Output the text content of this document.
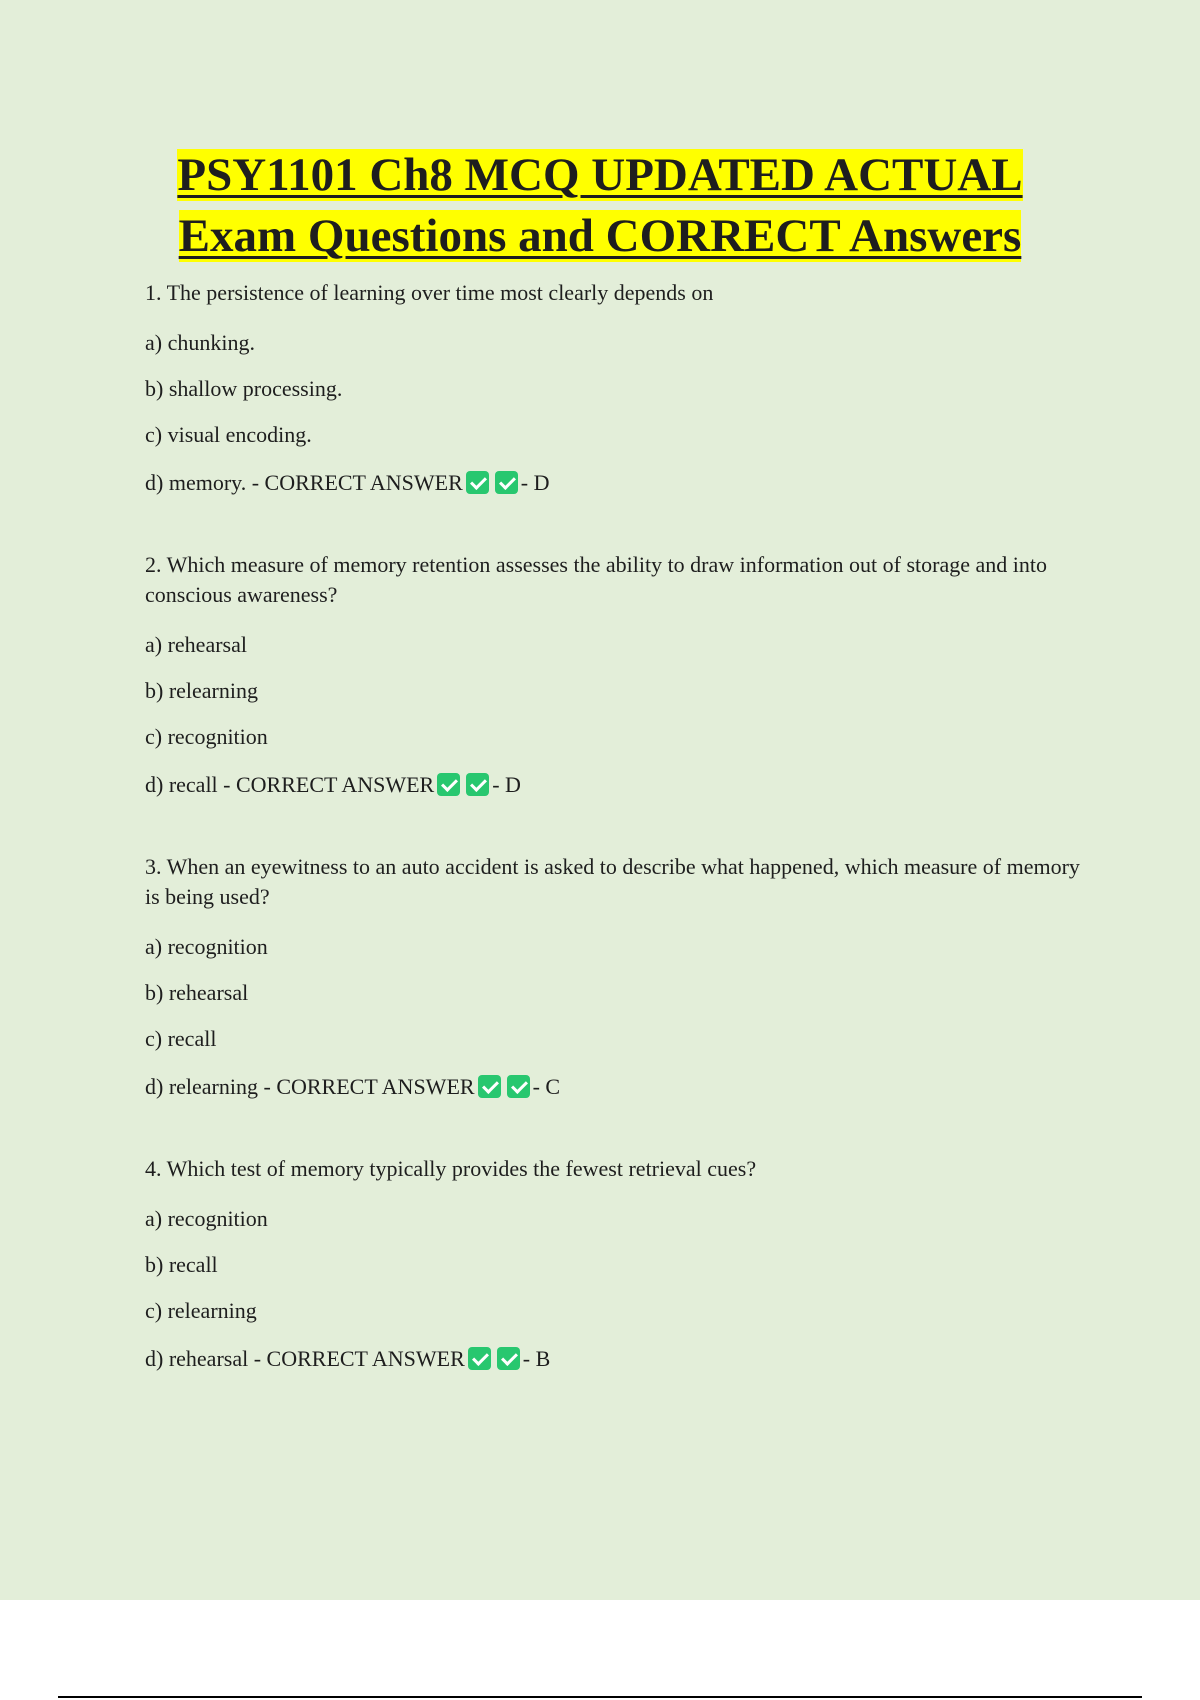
PSY1101 Ch8 MCQ UPDATED ACTUAL
Exam Questions and CORRECT Answers

1. The persistence of learning over time most clearly depends on

a) chunking.

b) shallow processing.

c) visual encoding.

d) memory. - CORRECT ANSWER	- D

2. Which measure of memory retention assesses the ability to draw information out of storage and into conscious awareness?

a) rehearsal

b) relearning

c) recognition

d) recall - CORRECT ANSWER	- D

3. When an eyewitness to an auto accident is asked to describe what happened, which measure of memory is being used?

a) recognition

b) rehearsal

c) recall

d) relearning - CORRECT ANSWER	- C

4. Which test of memory typically provides the fewest retrieval cues?

a) recognition

b) recall

c) relearning

d) rehearsal - CORRECT ANSWER	- B
